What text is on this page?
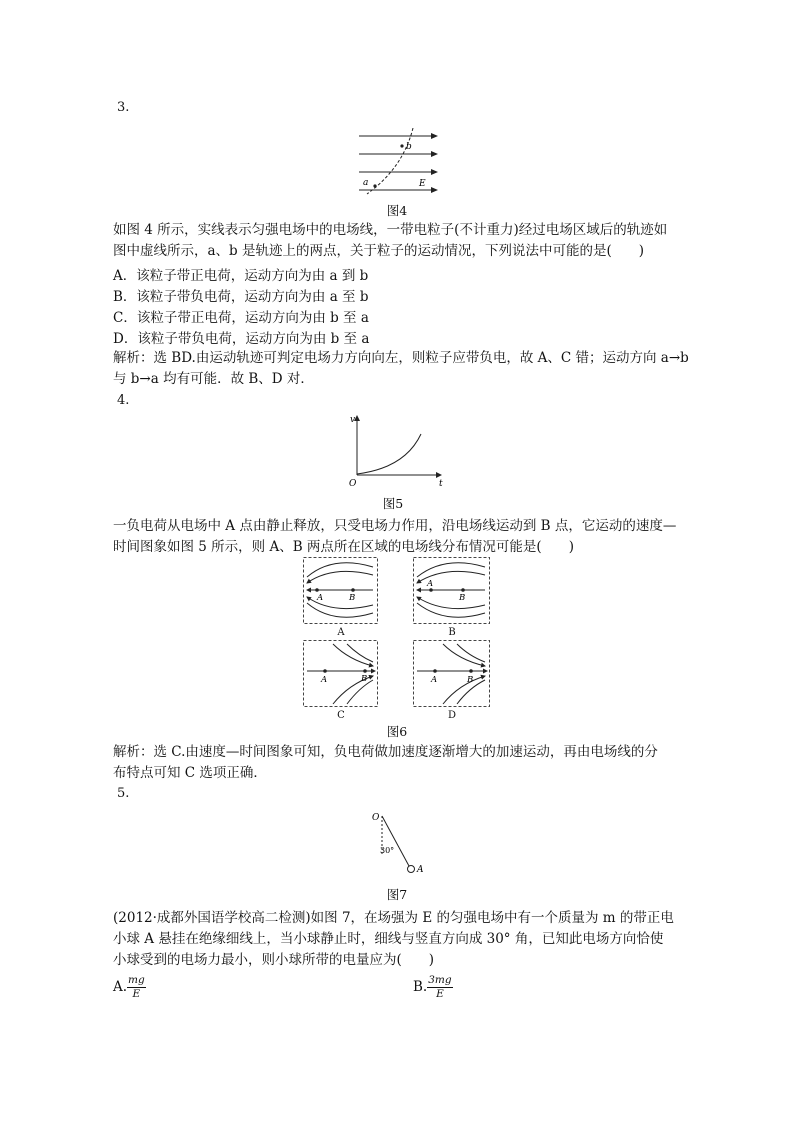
3.
b
a	E
图4
如图 4 所示，实线表示匀强电场中的电场线，一带电粒子(不计重力)经过电场区域后的轨迹如
图中虚线所示，a、b 是轨迹上的两点，关于粒子的运动情况，下列说法中可能的是(　　)
A．该粒子带正电荷，运动方向为由 a 到 b
B．该粒子带负电荷，运动方向为由 a 至 b
C．该粒子带正电荷，运动方向为由 b 至 a
D．该粒子带负电荷，运动方向为由 b 至 a
解析：选 BD.由运动轨迹可判定电场力方向向左，则粒子应带负电，故 A、C 错；运动方向 a→b
与 b→a 均有可能．故 B、D 对．
4.
v
t
O
图5
一负电荷从电场中 A 点由静止释放，只受电场力作用，沿电场线运动到 B 点，它运动的速度—
时间图象如图 5 所示，则 A、B 两点所在区域的电场线分布情况可能是(　　)
A	B
A
A
B
B
A	B
C
A	B
D
图6
解析：选 C.由速度—时间图象可知，负电荷做加速度逐渐增大的加速运动，再由电场线的分
布特点可知 C 选项正确．
5.
O
30°
A
图7
(2012·成都外国语学校高二检测)如图 7，在场强为 E 的匀强电场中有一个质量为 m 的带正电
小球 A 悬挂在绝缘细线上，当小球静止时，细线与竖直方向成 30° 角，已知此电场方向恰使
小球受到的电场力最小，则小球所带的电量应为(　　)
A. $\frac{mg}{E}$	B. $\frac{3mg}{E}$
